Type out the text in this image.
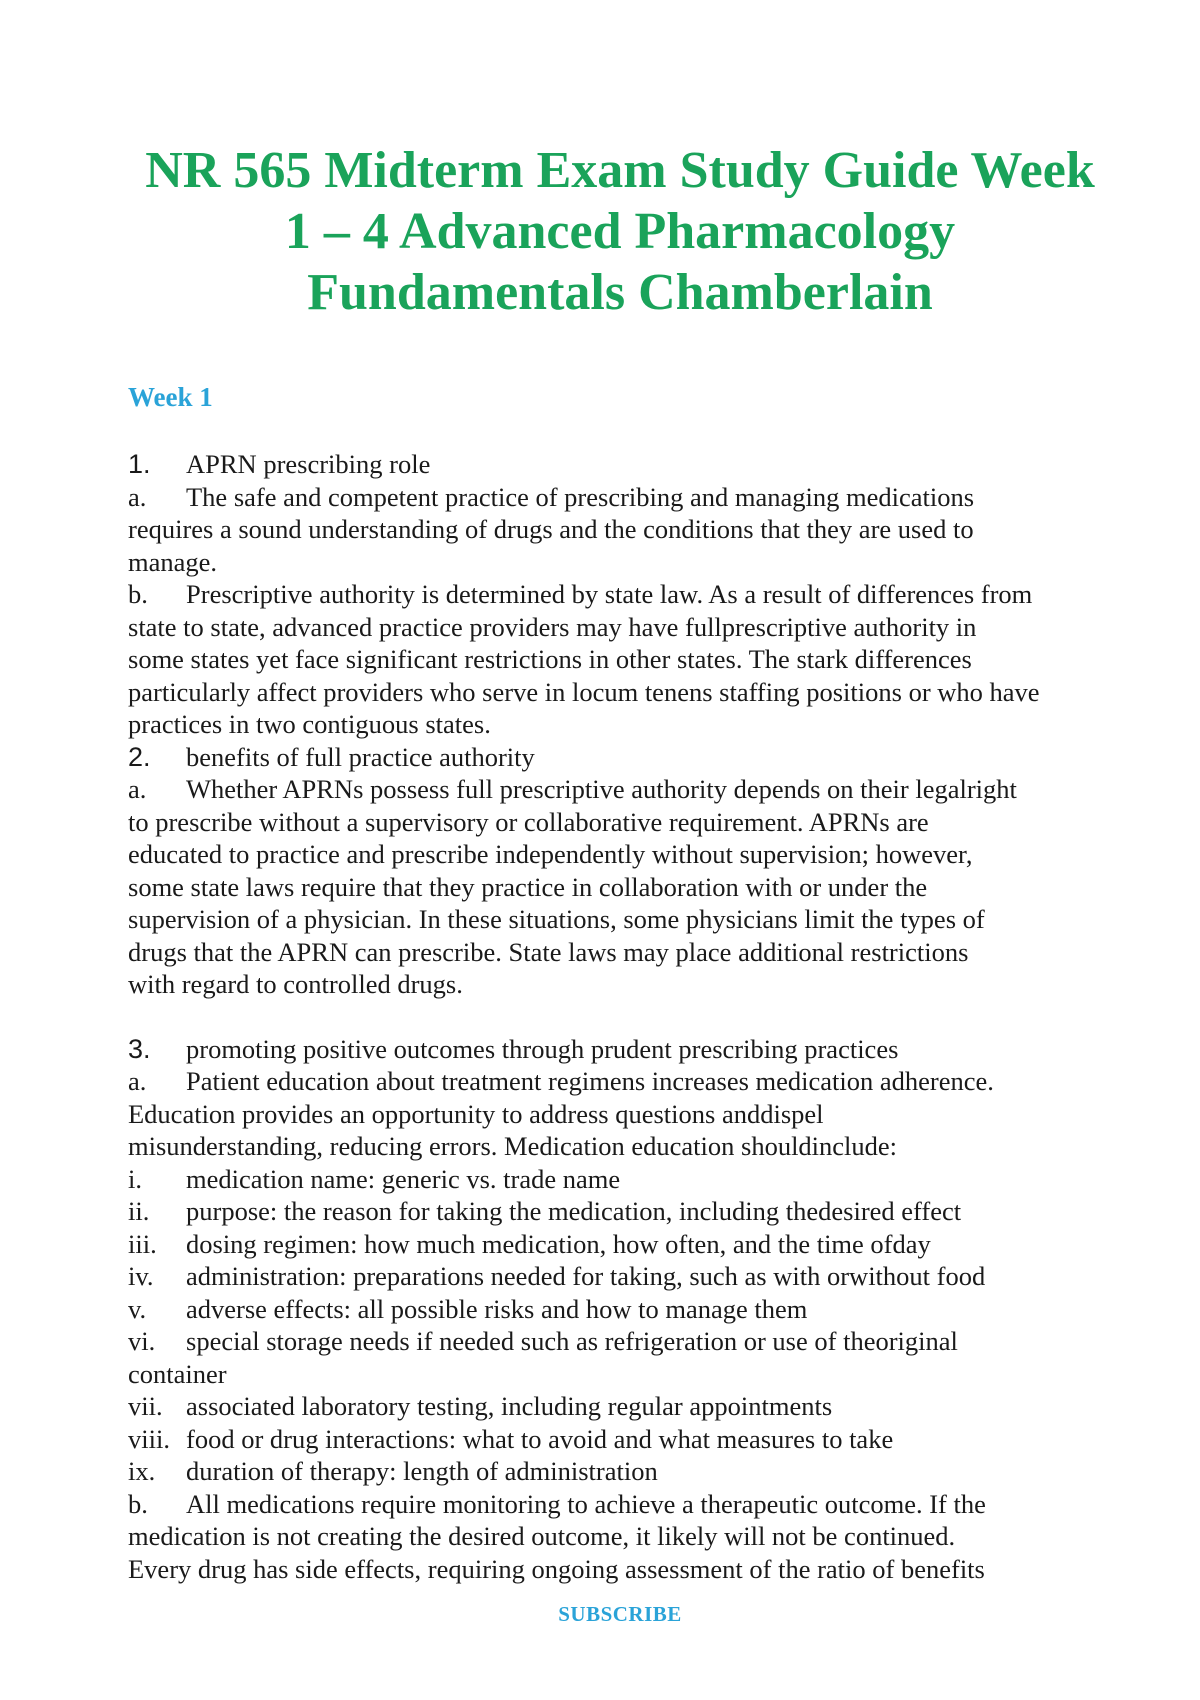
NR 565 Midterm Exam Study Guide Week
1 – 4 Advanced Pharmacology
Fundamentals Chamberlain
Week 1
1. APRN prescribing role
a. The safe and competent practice of prescribing and managing medications
requires a sound understanding of drugs and the conditions that they are used to
manage.
b. Prescriptive authority is determined by state law. As a result of differences from
state to state, advanced practice providers may have fullprescriptive authority in
some states yet face significant restrictions in other states. The stark differences
particularly affect providers who serve in locum tenens staffing positions or who have
practices in two contiguous states.
2. benefits of full practice authority
a. Whether APRNs possess full prescriptive authority depends on their legalright
to prescribe without a supervisory or collaborative requirement. APRNs are
educated to practice and prescribe independently without supervision; however,
some state laws require that they practice in collaboration with or under the
supervision of a physician. In these situations, some physicians limit the types of
drugs that the APRN can prescribe. State laws may place additional restrictions
with regard to controlled drugs.
3. promoting positive outcomes through prudent prescribing practices
a. Patient education about treatment regimens increases medication adherence.
Education provides an opportunity to address questions anddispel
misunderstanding, reducing errors. Medication education shouldinclude:
i. medication name: generic vs. trade name
ii. purpose: the reason for taking the medication, including thedesired effect
iii. dosing regimen: how much medication, how often, and the time ofday
iv. administration: preparations needed for taking, such as with orwithout food
v. adverse effects: all possible risks and how to manage them
vi. special storage needs if needed such as refrigeration or use of theoriginal
container
vii. associated laboratory testing, including regular appointments
viii. food or drug interactions: what to avoid and what measures to take
ix. duration of therapy: length of administration
b. All medications require monitoring to achieve a therapeutic outcome. If the
medication is not creating the desired outcome, it likely will not be continued.
Every drug has side effects, requiring ongoing assessment of the ratio of benefits
SUBSCRIBE
